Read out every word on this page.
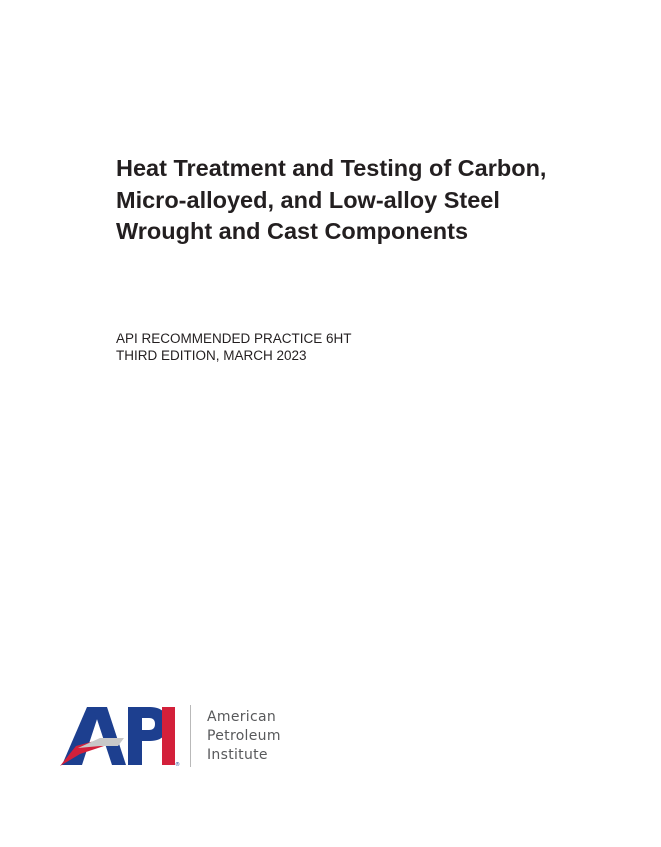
Heat Treatment and Testing of Carbon,
Micro-alloyed, and Low-alloy Steel
Wrought and Cast Components
API RECOMMENDED PRACTICE 6HT
THIRD EDITION, MARCH 2023
®
American
Petroleum
Institute
